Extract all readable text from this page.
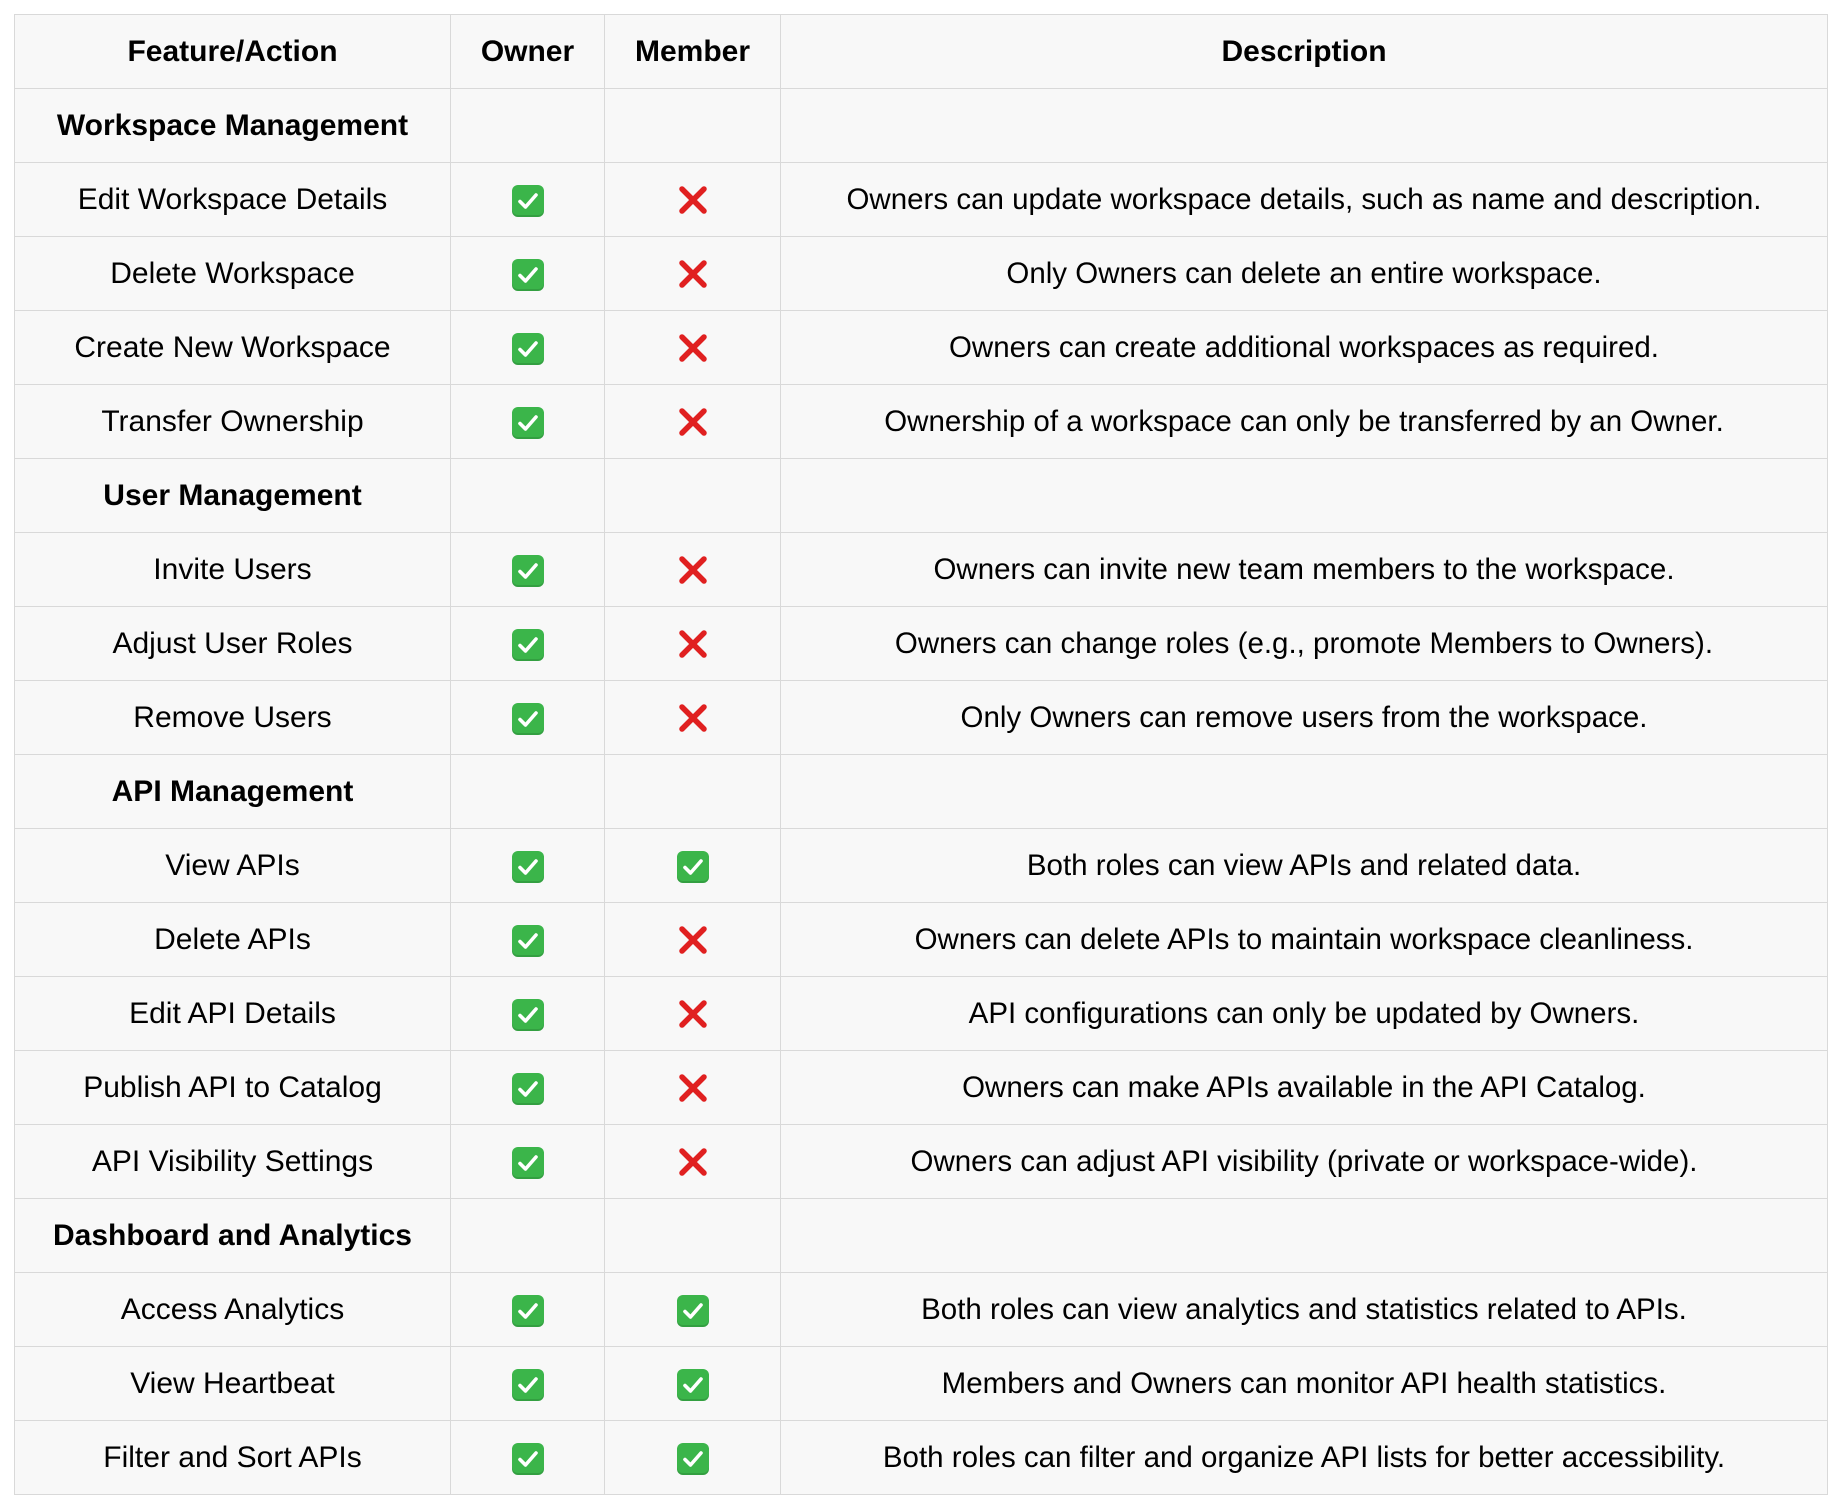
Feature/Action	Owner	Member	Description
Workspace Management			
Edit Workspace Details			Owners can update workspace details, such as name and description.
Delete Workspace			Only Owners can delete an entire workspace.
Create New Workspace			Owners can create additional workspaces as required.
Transfer Ownership			Ownership of a workspace can only be transferred by an Owner.
User Management			
Invite Users			Owners can invite new team members to the workspace.
Adjust User Roles			Owners can change roles (e.g., promote Members to Owners).
Remove Users			Only Owners can remove users from the workspace.
API Management			
View APIs			Both roles can view APIs and related data.
Delete APIs			Owners can delete APIs to maintain workspace cleanliness.
Edit API Details			API configurations can only be updated by Owners.
Publish API to Catalog			Owners can make APIs available in the API Catalog.
API Visibility Settings			Owners can adjust API visibility (private or workspace-wide).
Dashboard and Analytics			
Access Analytics			Both roles can view analytics and statistics related to APIs.
View Heartbeat			Members and Owners can monitor API health statistics.
Filter and Sort APIs			Both roles can filter and organize API lists for better accessibility.
